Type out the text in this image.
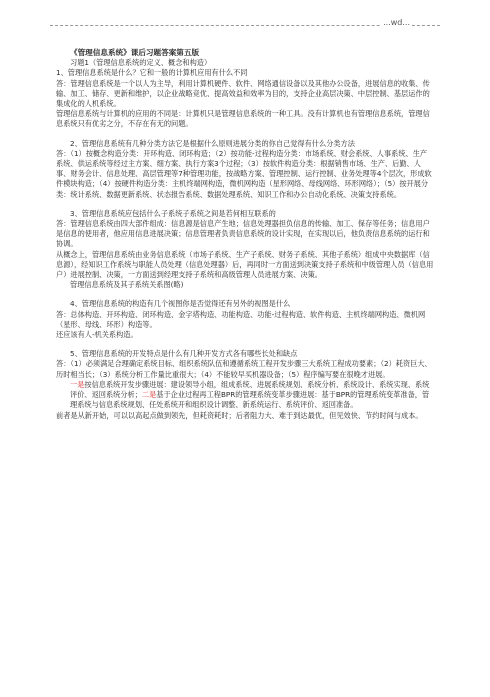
...wd...

《管理信息系统》课后习题答案第五版

习题1（管理信息系统的定义、概念和构造）

1、管理信息系统是什么？它和一般的计算机应用有什么不同

答：管理信息系统是一个以人为主导，利用计算机硬件、软件、网络通信设备以及其他办公设备，进展信息的收集、传输、加工、储存、更新和维护，以企业战略竞优、提高效益和效率为目的，支持企业高层决策、中层控制、基层运作的集成化的人机系统。

管理信息系统与计算机的应用的不同是：计算机只是管理信息系统的一种工具。没有计算机也有管理信息系统，管理信息系统只有优劣之分，不存在有无的问题。

2、管理信息系统有几种分类方法它是根据什么原则进展分类的你自己觉得有什么分类方法

答：（1）按概念构造分类：开环构造、闭环构造；（2）按功能-过程构造分类：市场系统、财会系统、人事系统、生产系统、供运系统等经过主方案、细方案、执行方案3个过程；（3）按软件构造分类：根据销售市场、生产、后勤、人事、财务会计、信息处理、高层管理等7种管理功能，按战略方案、管理控制、运行控制、业务处理等4个层次，形成软件模块构造；（4）按硬件构造分类：主机终端网构造，微机网构造（星形网络、母线网络、环形网络）；（5）按开展分类：统计系统、数据更新系统、状态报告系统、数据处理系统、知识工作和办公自动化系统、决策支持系统。

3、管理信息系统应包括什么子系统子系统之间是若何相互联系的

答：管理信息系统由四大部件组成：信息源是信息产生地；信息处理器担负信息的传输、加工、保存等任务；信息用户是信息的使用者，他应用信息进展决策；信息管理者负责信息系统的设计实现，在实现以后，他负责信息系统的运行和协调。

从概念上，管理信息系统由业务信息系统（市场子系统、生产子系统、财务子系统、其他子系统）组成中央数据库（信息源），经知识工作系统与职能人员处理（信息处理器）后，再同时一方面送到决策支持子系统和中级管理人员（信息用户）进展控制、决策，一方面送到经理支持子系统和高级管理人员进展方案、决策。

管理信息系统及其子系统关系图(略)

4、管理信息系统的构造有几个视图你是否觉得还有另外的视图是什么

答：总体构造、开环构造、闭环构造、金字塔构造、功能构造、功能-过程构造、软件构造、主机终端网构造、微机网（星形、母线、环形）构造等。

还应该有人-机关系构造。

5、管理信息系统的开发特点是什么有几种开发方式各有哪些长处和缺点

答：（1）必须满足合理确定系统目标、组织系统队伍和遵循系统工程开发步骤三大系统工程成功要素；（2）耗资巨大、历时相当长；（3）系统分析工作量比重很大；（4）不能较早买机器设备；（5）程序编写要在很晚才进展。

一是按信息系统开发步骤进展：建设领导小组，组成系统、进展系统规划、系统分析、系统设计、系统实现、系统评价、返回系统分析；二是基于企业过程再工程BPR的管理系统变革步骤进展：基于BPR的管理系统变革准备，管理系统与信息系统规划、任处系统开和组织设计调整、新系统运行、系统评价、返回准备。

前者是从新开始，可以以高起点做到领先，但耗资耗时；后者阻力大、难于到达最优，但见效快、节约时间与成本。
